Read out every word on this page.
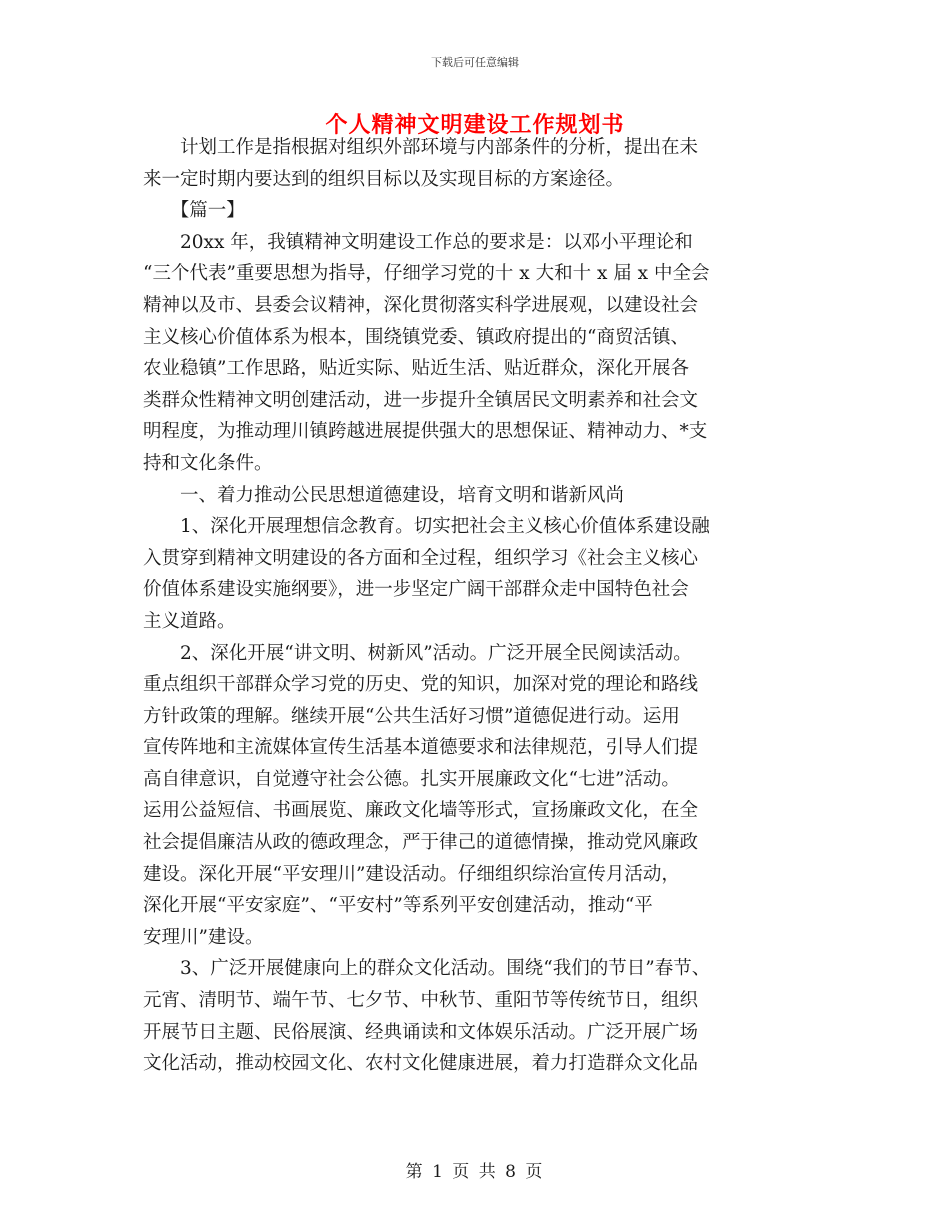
下载后可任意编辑
个人精神文明建设工作规划书
　　计划工作是指根据对组织外部环境与内部条件的分析，提出在未
来一定时期内要达到的组织目标以及实现目标的方案途径。
　　【篇一】
　　20xx 年，我镇精神文明建设工作总的要求是：以邓小平理论和
“三个代表”重要思想为指导，仔细学习党的十 x 大和十 x 届 x 中全会
精神以及市、县委会议精神，深化贯彻落实科学进展观，以建设社会
主义核心价值体系为根本，围绕镇党委、镇政府提出的“商贸活镇、
农业稳镇”工作思路，贴近实际、贴近生活、贴近群众，深化开展各
类群众性精神文明创建活动，进一步提升全镇居民文明素养和社会文
明程度，为推动理川镇跨越进展提供强大的思想保证、精神动力、*支
持和文化条件。
　　一、着力推动公民思想道德建设，培育文明和谐新风尚
　　1、深化开展理想信念教育。切实把社会主义核心价值体系建设融
入贯穿到精神文明建设的各方面和全过程，组织学习《社会主义核心
价值体系建设实施纲要》，进一步坚定广阔干部群众走中国特色社会
主义道路。
　　2、深化开展“讲文明、树新风”活动。广泛开展全民阅读活动。
重点组织干部群众学习党的历史、党的知识，加深对党的理论和路线
方针政策的理解。继续开展“公共生活好习惯”道德促进行动。运用
宣传阵地和主流媒体宣传生活基本道德要求和法律规范，引导人们提
高自律意识，自觉遵守社会公德。扎实开展廉政文化“七进”活动。
运用公益短信、书画展览、廉政文化墙等形式，宣扬廉政文化，在全
社会提倡廉洁从政的德政理念，严于律己的道德情操，推动党风廉政
建设。深化开展“平安理川”建设活动。仔细组织综治宣传月活动，
深化开展“平安家庭”、“平安村”等系列平安创建活动，推动“平
安理川”建设。
　　3、广泛开展健康向上的群众文化活动。围绕“我们的节日”春节、
元宵、清明节、端午节、七夕节、中秋节、重阳节等传统节日，组织
开展节日主题、民俗展演、经典诵读和文体娱乐活动。广泛开展广场
文化活动，推动校园文化、农村文化健康进展，着力打造群众文化品
第 1 页 共 8 页
